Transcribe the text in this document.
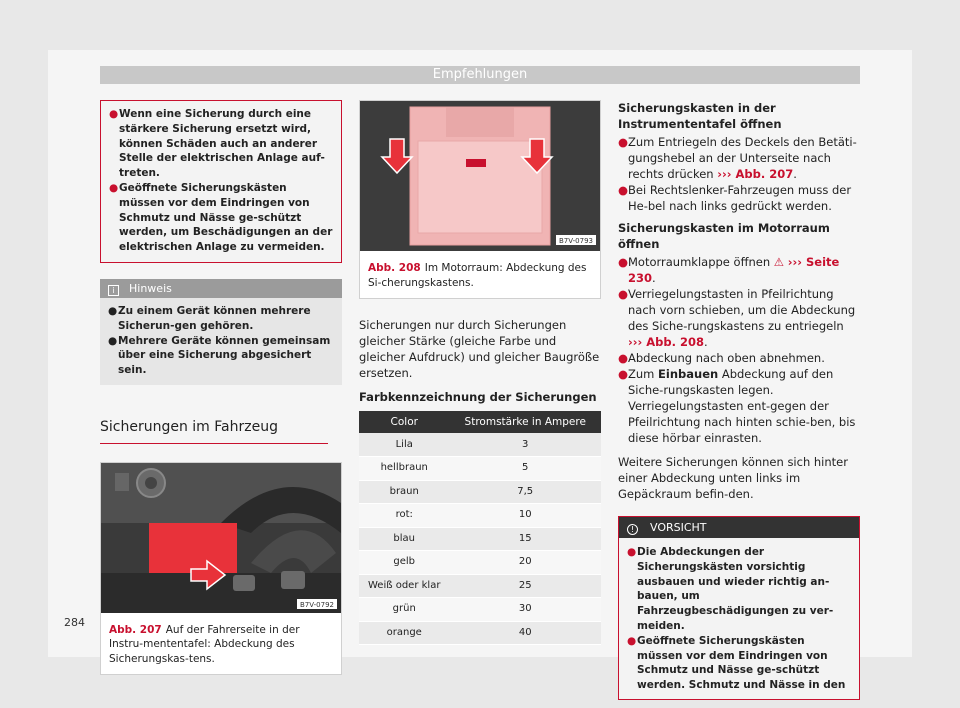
Empfehlungen
● Wenn eine Sicherung durch eine stärkere Sicherung ersetzt wird, können Schäden auch an anderer Stelle der elektrischen Anlage auf-treten.
● Geöffnete Sicherungskästen müssen vor dem Eindringen von Schmutz und Nässe ge-schützt werden, um Beschädigungen an der elektrischen Anlage zu vermeiden.
i Hinweis
● Zu einem Gerät können mehrere Sicherun-gen gehören.
● Mehrere Geräte können gemeinsam über eine Sicherung abgesichert sein.
Sicherungen im Fahrzeug
B7V-0792
Abb. 207 Auf der Fahrerseite in der Instru-mententafel: Abdeckung des Sicherungskas-tens.
284
B7V-0793
Abb. 208 Im Motorraum: Abdeckung des Si-cherungskastens.
Sicherungen nur durch Sicherungen gleicher Stärke (gleiche Farbe und gleicher Aufdruck) und gleicher Baugröße ersetzen.
Farbkennzeichnung der Sicherungen
Color	Stromstärke in Ampere
Lila	3
hellbraun	5
braun	7,5
rot:	10
blau	15
gelb	20
Weiß oder klar	25
grün	30
orange	40
Sicherungskasten in der Instrumententafel öffnen
● Zum Entriegeln des Deckels den Betäti-gungshebel an der Unterseite nach rechts drücken ››› Abb. 207.
● Bei Rechtslenker-Fahrzeugen muss der He-bel nach links gedrückt werden.
Sicherungskasten im Motorraum öffnen
● Motorraumklappe öffnen ⚠ ››› Seite 230.
● Verriegelungstasten in Pfeilrichtung nach vorn schieben, um die Abdeckung des Siche-rungskastens zu entriegeln ››› Abb. 208.
● Abdeckung nach oben abnehmen.
● Zum Einbauen Abdeckung auf den Siche-rungskasten legen. Verriegelungstasten ent-gegen der Pfeilrichtung nach hinten schie-ben, bis diese hörbar einrasten.
Weitere Sicherungen können sich hinter einer Abdeckung unten links im Gepäckraum befin-den.
! VORSICHT
● Die Abdeckungen der Sicherungskästen vorsichtig ausbauen und wieder richtig an-bauen, um Fahrzeugbeschädigungen zu ver-meiden.
● Geöffnete Sicherungskästen müssen vor dem Eindringen von Schmutz und Nässe ge-schützt werden. Schmutz und Nässe in den
